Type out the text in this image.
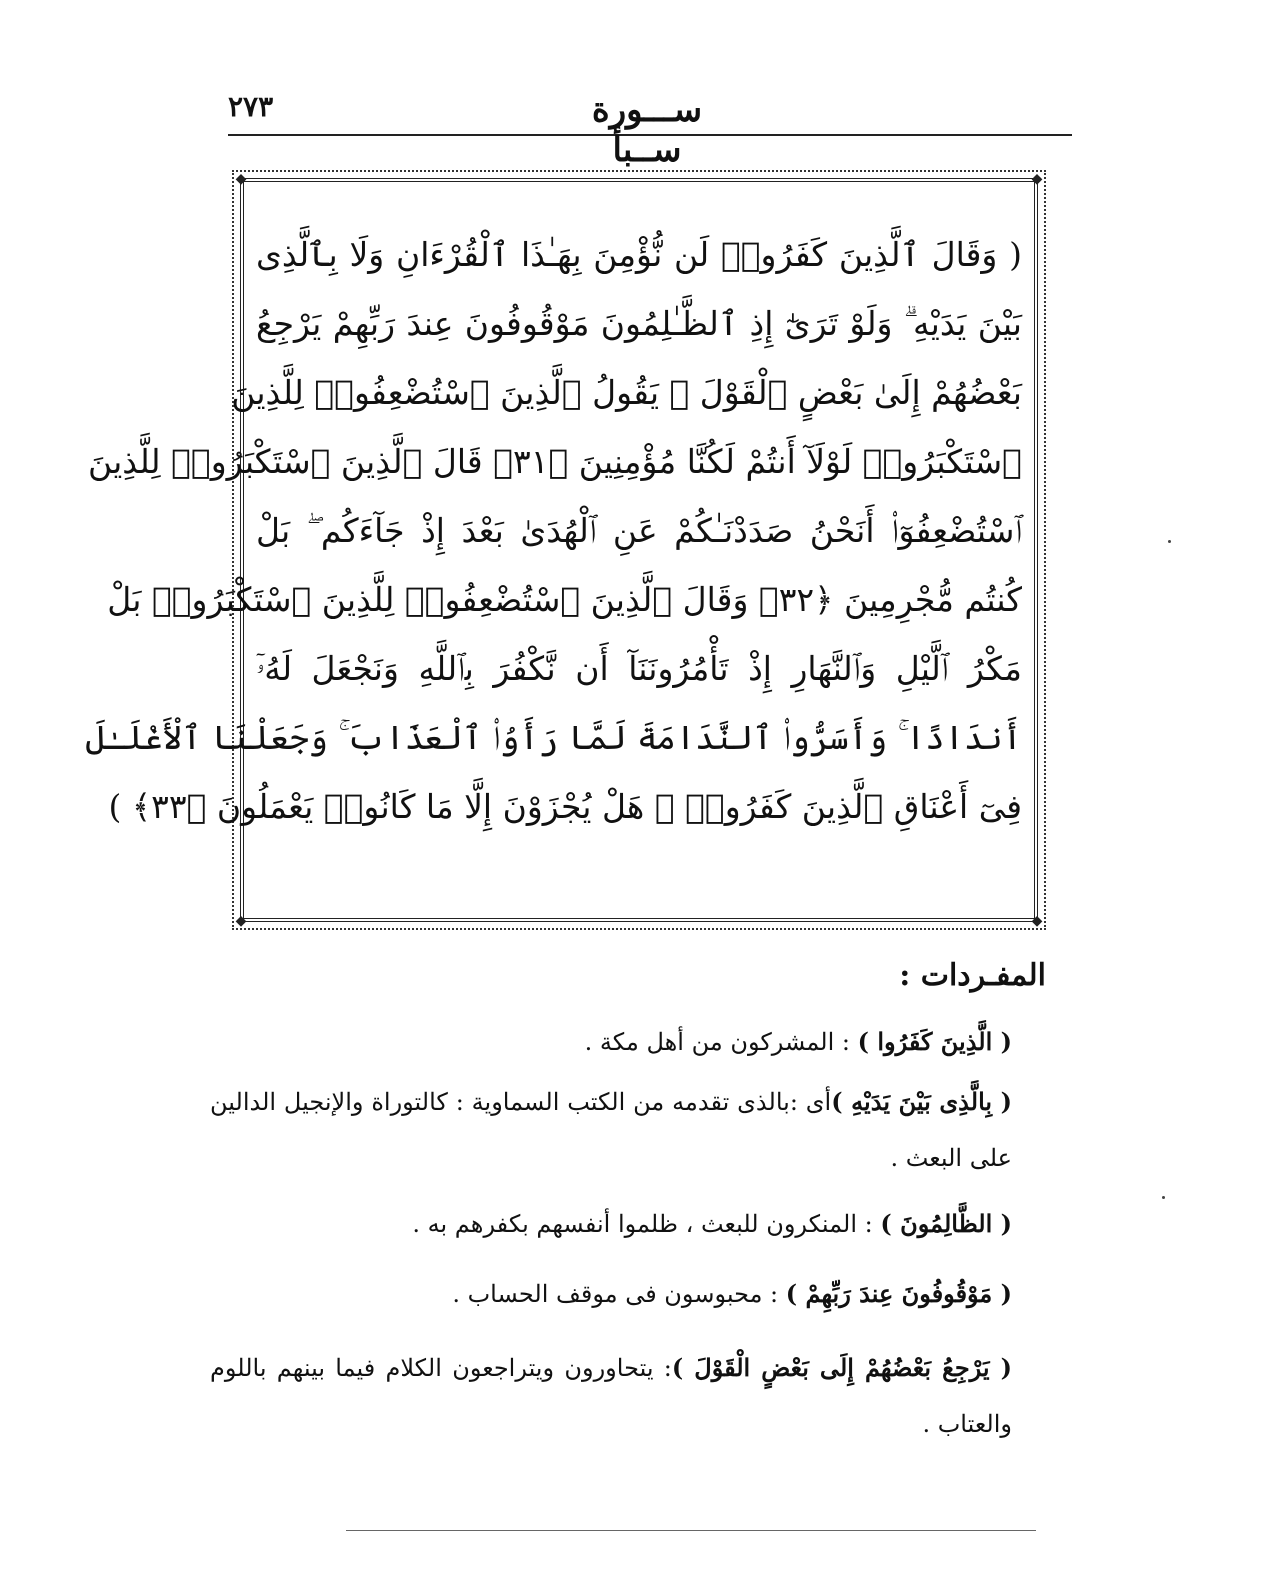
ســـورة ســبأ
٢٧٣
◆	◆
◆	◆
( وَقَالَ ٱلَّذِينَ كَفَرُوا۟ لَن نُّؤْمِنَ بِهَـٰذَا ٱلْقُرْءَانِ وَلَا بِٱلَّذِى
بَيْنَ يَدَيْهِ ۗ وَلَوْ تَرَىٰٓ إِذِ ٱلظَّـٰلِمُونَ مَوْقُوفُونَ عِندَ رَبِّهِمْ يَرْجِعُ
بَعْضُهُمْ إِلَىٰ بَعْضٍ ٱلْقَوْلَ ۚ يَقُولُ ٱلَّذِينَ ٱسْتُضْعِفُوا۟ لِلَّذِينَ
ٱسْتَكْبَرُوا۟ لَوْلَآ أَنتُمْ لَكُنَّا مُؤْمِنِينَ ﴿٣١﴾ قَالَ ٱلَّذِينَ ٱسْتَكْبَرُوا۟ لِلَّذِينَ
ٱسْتُضْعِفُوٓا۟ أَنَحْنُ صَدَدْنَـٰكُمْ عَنِ ٱلْهُدَىٰ بَعْدَ إِذْ جَآءَكُم ۖ بَلْ
كُنتُم مُّجْرِمِينَ ﴿٣٢﴾ وَقَالَ ٱلَّذِينَ ٱسْتُضْعِفُوا۟ لِلَّذِينَ ٱسْتَكْبَرُوا۟ بَلْ
مَكْرُ ٱلَّيْلِ وَٱلنَّهَارِ إِذْ تَأْمُرُونَنَآ أَن نَّكْفُرَ بِٱللَّهِ وَنَجْعَلَ لَهُۥٓ
أَندَادًا ۚ وَأَسَرُّوا۟ ٱلنَّدَامَةَ لَمَّا رَأَوُا۟ ٱلْعَذَابَ ۚ وَجَعَلْنَا ٱلْأَغْلَـٰلَ
فِىٓ أَعْنَاقِ ٱلَّذِينَ كَفَرُوا۟ ۚ هَلْ يُجْزَوْنَ إِلَّا مَا كَانُوا۟ يَعْمَلُونَ ﴿٣٣﴾ )
المفـردات :
( الَّذِينَ كَفَرُوا ) : المشركون من أهل مكة .
( بِالَّذِى بَيْنَ يَدَيْهِ )أى :بالذى تقدمه من الكتب السماوية : كالتوراة والإنجيل الدالين على البعث .
( الظَّالِمُونَ ) : المنكرون للبعث ، ظلموا أنفسهم بكفرهم به .
( مَوْقُوفُونَ عِندَ رَبِّهِمْ ) : محبوسون فى موقف الحساب .
( يَرْجِعُ بَعْضُهُمْ إِلَى بَعْضٍ الْقَوْلَ ): يتحاورون ويتراجعون الكلام فيما بينهم باللوم والعتاب .
